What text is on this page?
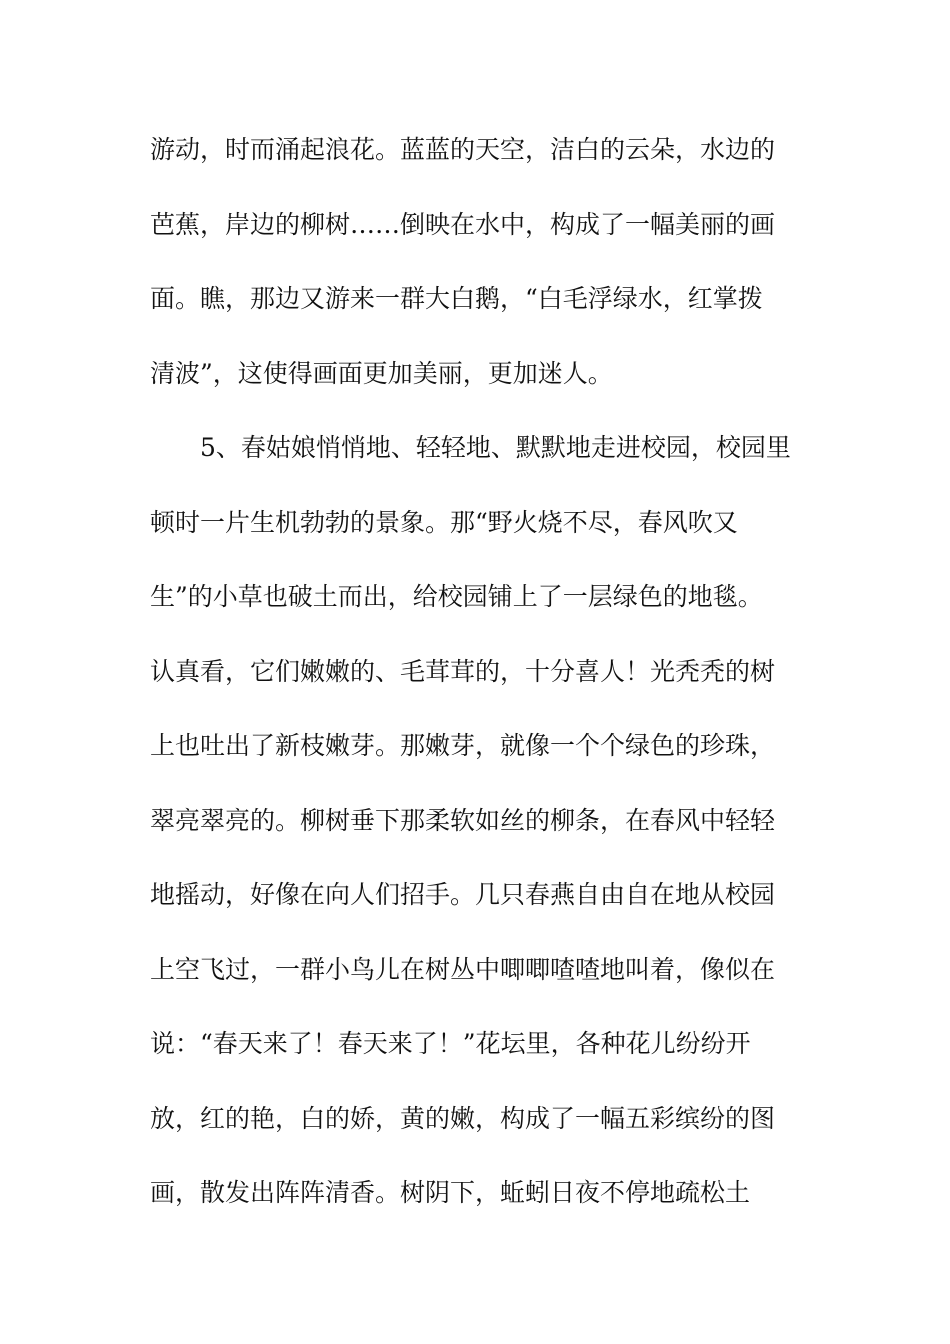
游动，时而涌起浪花。蓝蓝的天空，洁白的云朵，水边的
芭蕉，岸边的柳树……倒映在水中，构成了一幅美丽的画
面。瞧，那边又游来一群大白鹅，“白毛浮绿水，红掌拨
清波”，这使得画面更加美丽，更加迷人。
5、春姑娘悄悄地、轻轻地、默默地走进校园，校园里
顿时一片生机勃勃的景象。那“野火烧不尽，春风吹又
生”的小草也破土而出，给校园铺上了一层绿色的地毯。
认真看，它们嫩嫩的、毛茸茸的，十分喜人！光秃秃的树
上也吐出了新枝嫩芽。那嫩芽，就像一个个绿色的珍珠，
翠亮翠亮的。柳树垂下那柔软如丝的柳条，在春风中轻轻
地摇动，好像在向人们招手。几只春燕自由自在地从校园
上空飞过，一群小鸟儿在树丛中唧唧喳喳地叫着，像似在
说：“春天来了！春天来了！”花坛里，各种花儿纷纷开
放，红的艳，白的娇，黄的嫩，构成了一幅五彩缤纷的图
画，散发出阵阵清香。树阴下，蚯蚓日夜不停地疏松土
